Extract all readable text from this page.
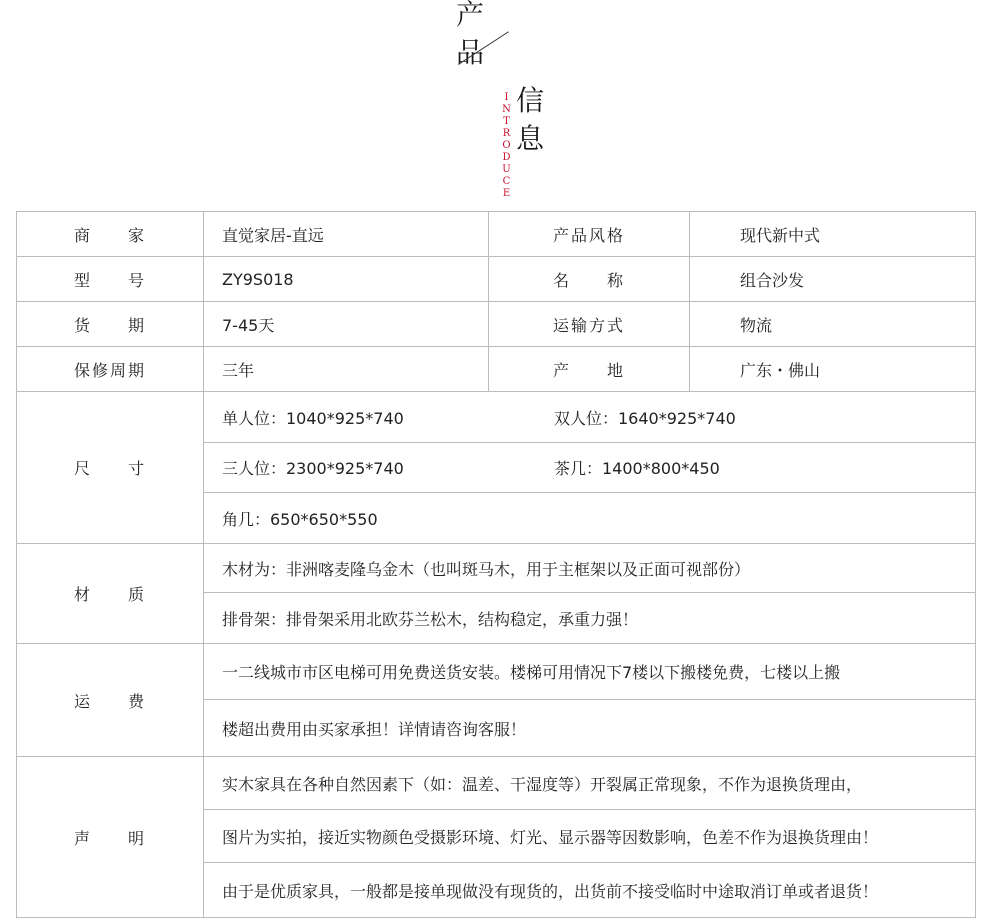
产
品
INTRODUCE 信
息
商　　家	直觉家居-直远	产品风格	现代新中式
型　　号	ZY9S018	名　　称	组合沙发
货　　期	7-45天	运输方式	物流
保修周期	三年	产　　地	广东・佛山
尺　　寸	单人位：1040*925*740 双人位：1640*925*740
三人位：2300*925*740 茶几：1400*800*450
角几：650*650*550		

材　　质	木材为：非洲喀麦隆乌金木（也叫斑马木，用于主框架以及正面可视部份）
排骨架：排骨架采用北欧芬兰松木，结构稳定，承重力强！		

运　　费	一二线城市市区电梯可用免费送货安装。楼梯可用情况下7楼以下搬楼免费，七楼以上搬
楼超出费用由买家承担！详情请咨询客服！		

声　　明	实木家具在各种自然因素下（如：温差、干湿度等）开裂属正常现象，不作为退换货理由，
图片为实拍，接近实物颜色受摄影环境、灯光、显示器等因数影响，色差不作为退换货理由！
由于是优质家具，一般都是接单现做没有现货的，出货前不接受临时中途取消订单或者退货！		
